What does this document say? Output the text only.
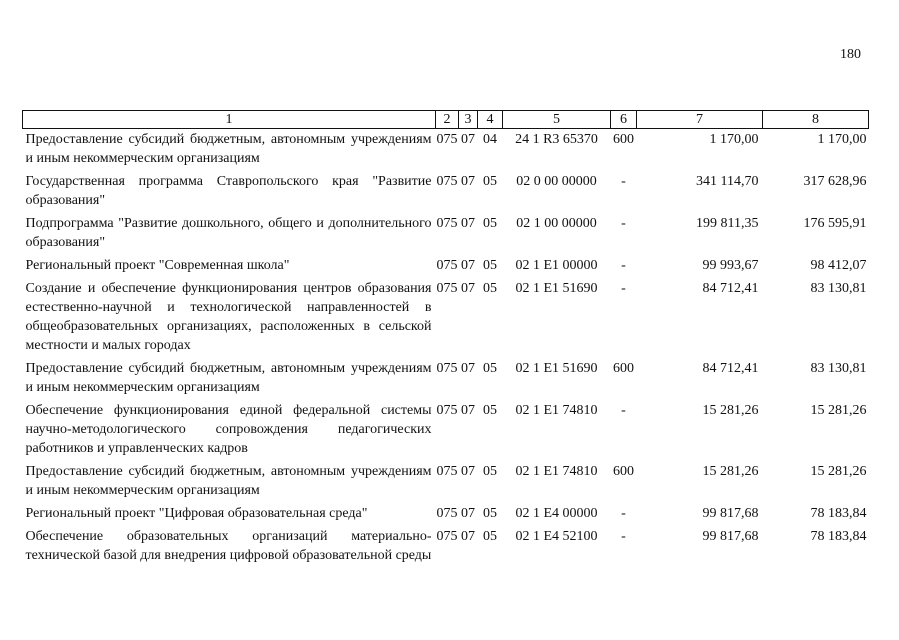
180
1	2	3	4	5	6	7	8
Предоставление субсидий бюджетным, автономным учреждениям и иным некоммерческим организациям	075	07	04	24 1 R3 65370	600	1 170,00	1 170,00
Государственная программа Ставропольского края "Развитие образования"	075	07	05	02 0 00 00000	-	341 114,70	317 628,96
Подпрограмма "Развитие дошкольного, общего и дополнительного образования"	075	07	05	02 1 00 00000	-	199 811,35	176 595,91
Региональный проект "Современная школа"	075	07	05	02 1 E1 00000	-	99 993,67	98 412,07
Создание и обеспечение функционирования центров образования естественно-научной и технологической направленностей в общеобразовательных организациях, расположенных в сельской местности и малых городах	075	07	05	02 1 E1 51690	-	84 712,41	83 130,81
Предоставление субсидий бюджетным, автономным учреждениям и иным некоммерческим организациям	075	07	05	02 1 E1 51690	600	84 712,41	83 130,81
Обеспечение функционирования единой федеральной системы научно-методологического сопровождения педагогических работников и управленческих кадров	075	07	05	02 1 E1 74810	-	15 281,26	15 281,26
Предоставление субсидий бюджетным, автономным учреждениям и иным некоммерческим организациям	075	07	05	02 1 E1 74810	600	15 281,26	15 281,26
Региональный проект "Цифровая образовательная среда"	075	07	05	02 1 E4 00000	-	99 817,68	78 183,84
Обеспечение образовательных организаций материально-технической базой для внедрения цифровой образовательной среды	075	07	05	02 1 E4 52100	-	99 817,68	78 183,84
